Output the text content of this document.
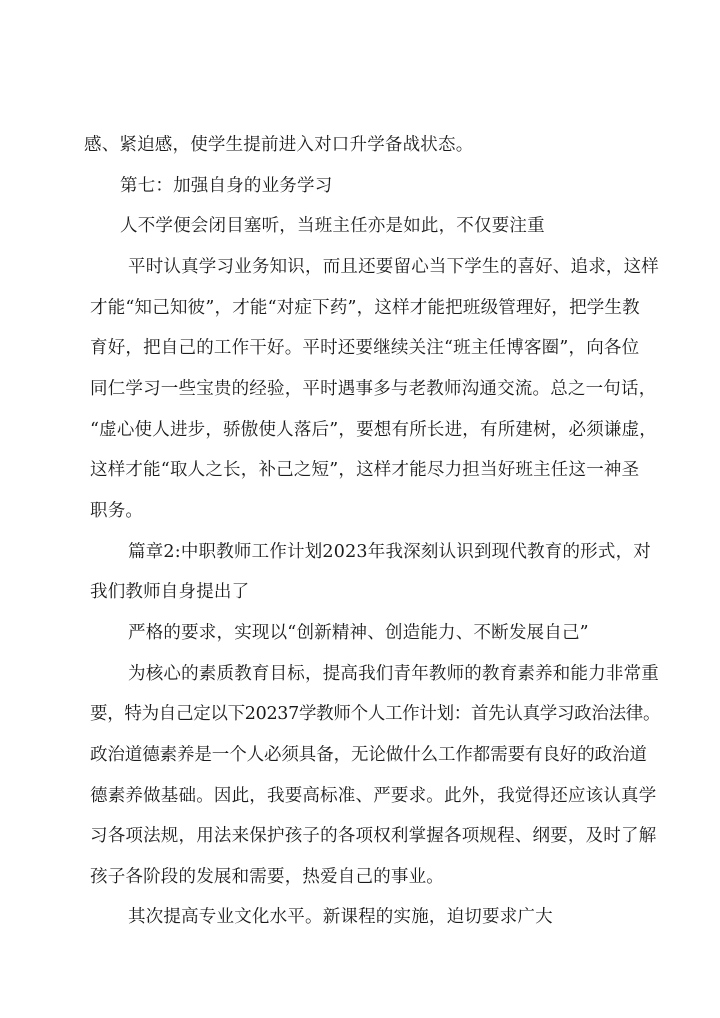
感、紧迫感，使学生提前进入对口升学备战状态。
第七：加强自身的业务学习
人不学便会闭目塞听，当班主任亦是如此，不仅要注重
平时认真学习业务知识，而且还要留心当下学生的喜好、追求，这样
才能“知己知彼”，才能“对症下药”，这样才能把班级管理好，把学生教
育好，把自己的工作干好。平时还要继续关注“班主任博客圈”，向各位
同仁学习一些宝贵的经验，平时遇事多与老教师沟通交流。总之一句话，
“虚心使人进步，骄傲使人落后”，要想有所长进，有所建树，必须谦虚，
这样才能“取人之长，补己之短”，这样才能尽力担当好班主任这一神圣
职务。
篇章2:中职教师工作计划2023年我深刻认识到现代教育的形式，对
我们教师自身提出了
严格的要求，实现以“创新精神、创造能力、不断发展自己”
为核心的素质教育目标，提高我们青年教师的教育素养和能力非常重
要，特为自己定以下20237学教师个人工作计划：首先认真学习政治法律。
政治道德素养是一个人必须具备，无论做什么工作都需要有良好的政治道
德素养做基础。因此，我要高标准、严要求。此外，我觉得还应该认真学
习各项法规，用法来保护孩子的各项权利掌握各项规程、纲要，及时了解
孩子各阶段的发展和需要，热爱自己的事业。
其次提高专业文化水平。新课程的实施，迫切要求广大
